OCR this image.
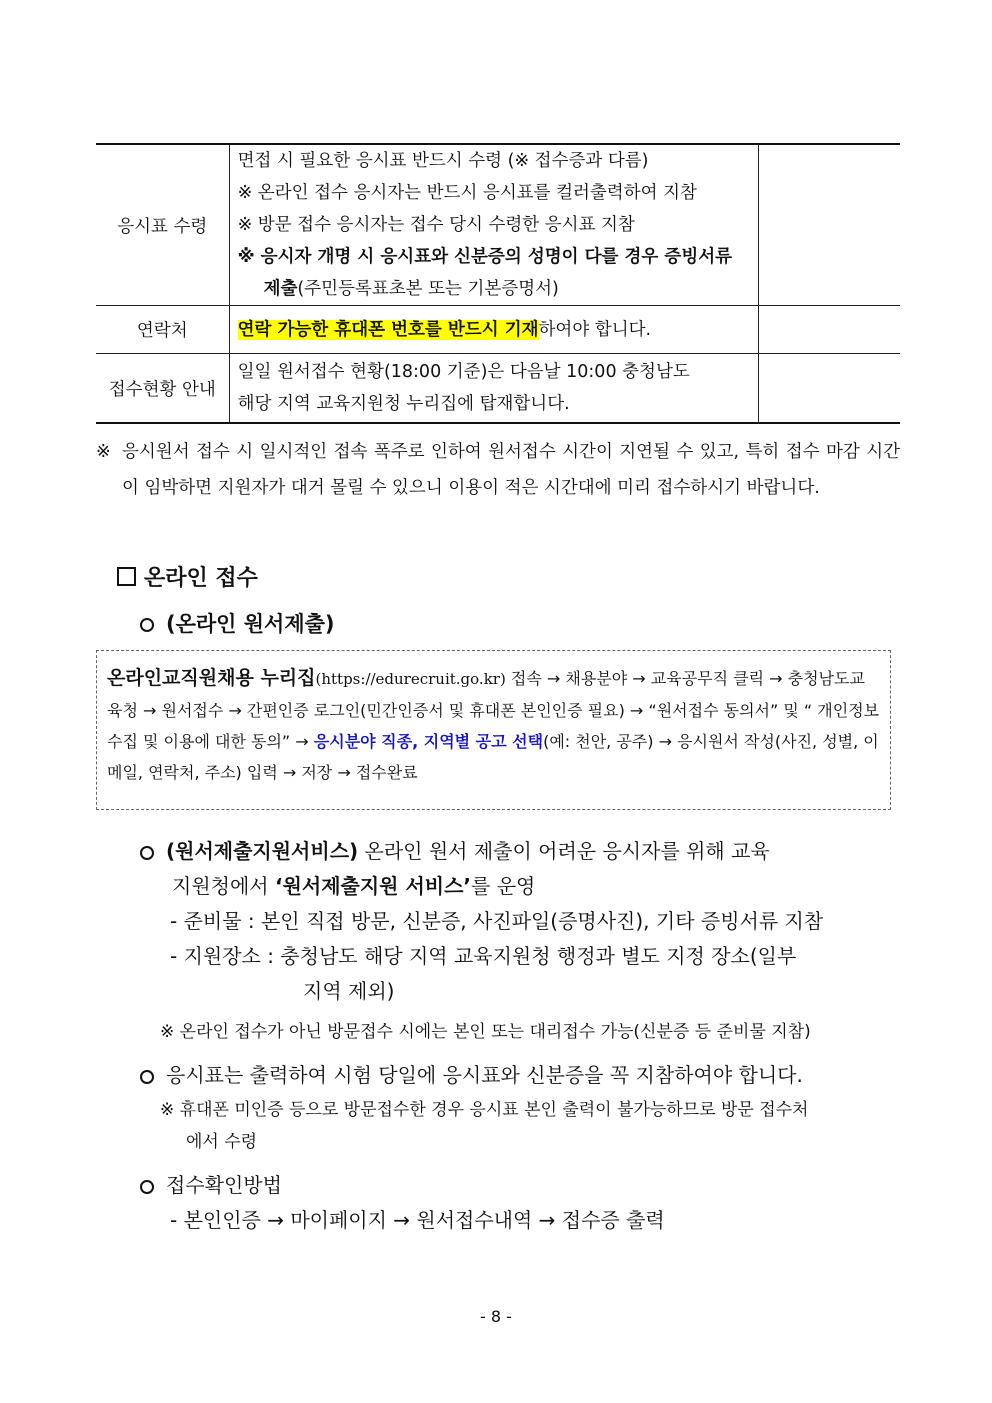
응시표 수령	면접 시 필요한 응시표 반드시 수령 (※ 접수증과 다름)
※ 온라인 접수 응시자는 반드시 응시표를 컬러출력하여 지참
※ 방문 접수 응시자는 접수 당시 수령한 응시표 지참
※ 응시자 개명 시 응시표와 신분증의 성명이 다를 경우 증빙서류
제출(주민등록표초본 또는 기본증명서)	

연락처	연락 가능한 휴대폰 번호를 반드시 기재하여야 합니다.	

접수현황 안내	일일 원서접수 현황(18:00 기준)은 다음날 10:00 충청남도
해당 지역 교육지원청 누리집에 탑재합니다.	

※ 응시원서 접수 시 일시적인 접속 폭주로 인하여 원서접수 시간이 지연될 수 있고, 특히 접수 마감 시간이 임박하면 지원자가 대거 몰릴 수 있으니 이용이 적은 시간대에 미리 접수하시기 바랍니다.
온라인 접수
(온라인 원서제출)
온라인교직원채용 누리집(https://edurecruit.go.kr) 접속 → 채용분야 → 교육공무직 클릭 → 충청남도교육청 → 원서접수 → 간편인증 로그인(민간인증서 및 휴대폰 본인인증 필요) → “원서접수 동의서” 및 “ 개인정보 수집 및 이용에 대한 동의” → 응시분야 직종, 지역별 공고 선택(예: 천안, 공주) → 응시원서 작성(사진, 성별, 이메일, 연락처, 주소) 입력 → 저장 → 접수완료
(원서제출지원서비스) 온라인 원서 제출이 어려운 응시자를 위해 교육
지원청에서 ‘원서제출지원 서비스’를 운영
- 준비물 : 본인 직접 방문, 신분증, 사진파일(증명사진), 기타 증빙서류 지참
- 지원장소 : 충청남도 해당 지역 교육지원청 행정과 별도 지정 장소(일부
지역 제외)
※ 온라인 접수가 아닌 방문접수 시에는 본인 또는 대리접수 가능(신분증 등 준비물 지참)
응시표는 출력하여 시험 당일에 응시표와 신분증을 꼭 지참하여야 합니다.
※ 휴대폰 미인증 등으로 방문접수한 경우 응시표 본인 출력이 불가능하므로 방문 접수처
에서 수령
접수확인방법
- 본인인증 → 마이페이지 → 원서접수내역 → 접수증 출력
- 8 -
